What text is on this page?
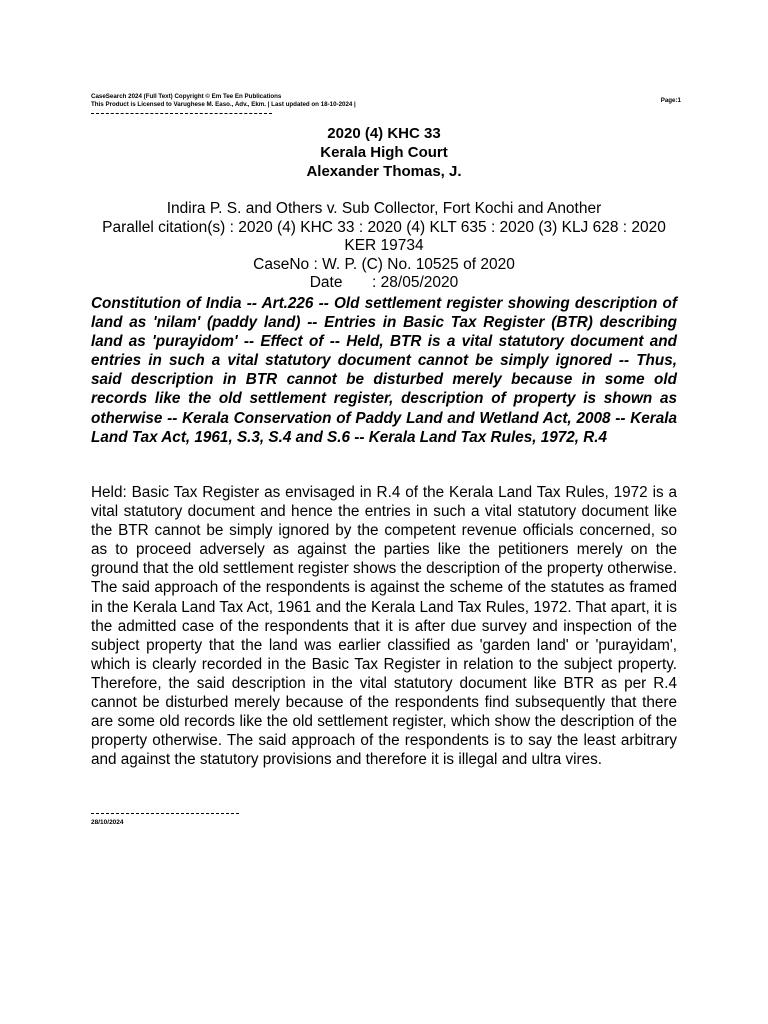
CaseSearch 2024 (Full Text) Copyright © Em Tee En Publications
This Product is Licensed to Varughese M. Easo., Adv., Ekm. | Last updated on 18-10-2024 |
Page:1
2020 (4) KHC 33
Kerala High Court
Alexander Thomas, J.
Indira P. S. and Others v. Sub Collector, Fort Kochi and Another
Parallel citation(s) : 2020 (4) KHC 33 : 2020 (4) KLT 635 : 2020 (3) KLJ 628 : 2020 KER 19734
CaseNo : W. P. (C) No. 10525 of 2020
Date : 28/05/2020
Constitution of India -- Art.226 -- Old settlement register showing description of land as 'nilam' (paddy land) -- Entries in Basic Tax Register (BTR) describing land as 'purayidom' -- Effect of -- Held, BTR is a vital statutory document and entries in such a vital statutory document cannot be simply ignored -- Thus, said description in BTR cannot be disturbed merely because in some old records like the old settlement register, description of property is shown as otherwise -- Kerala Conservation of Paddy Land and Wetland Act, 2008 -- Kerala Land Tax Act, 1961, S.3, S.4 and S.6 -- Kerala Land Tax Rules, 1972, R.4
Held: Basic Tax Register as envisaged in R.4 of the Kerala Land Tax Rules, 1972 is a vital statutory document and hence the entries in such a vital statutory document like the BTR cannot be simply ignored by the competent revenue officials concerned, so as to proceed adversely as against the parties like the petitioners merely on the ground that the old settlement register shows the description of the property otherwise. The said approach of the respondents is against the scheme of the statutes as framed in the Kerala Land Tax Act, 1961 and the Kerala Land Tax Rules, 1972. That apart, it is the admitted case of the respondents that it is after due survey and inspection of the subject property that the land was earlier classified as 'garden land' or 'purayidam', which is clearly recorded in the Basic Tax Register in relation to the subject property. Therefore, the said description in the vital statutory document like BTR as per R.4 cannot be disturbed merely because of the respondents find subsequently that there are some old records like the old settlement register, which show the description of the property otherwise. The said approach of the respondents is to say the least arbitrary and against the statutory provisions and therefore it is illegal and ultra vires.
28/10/2024
